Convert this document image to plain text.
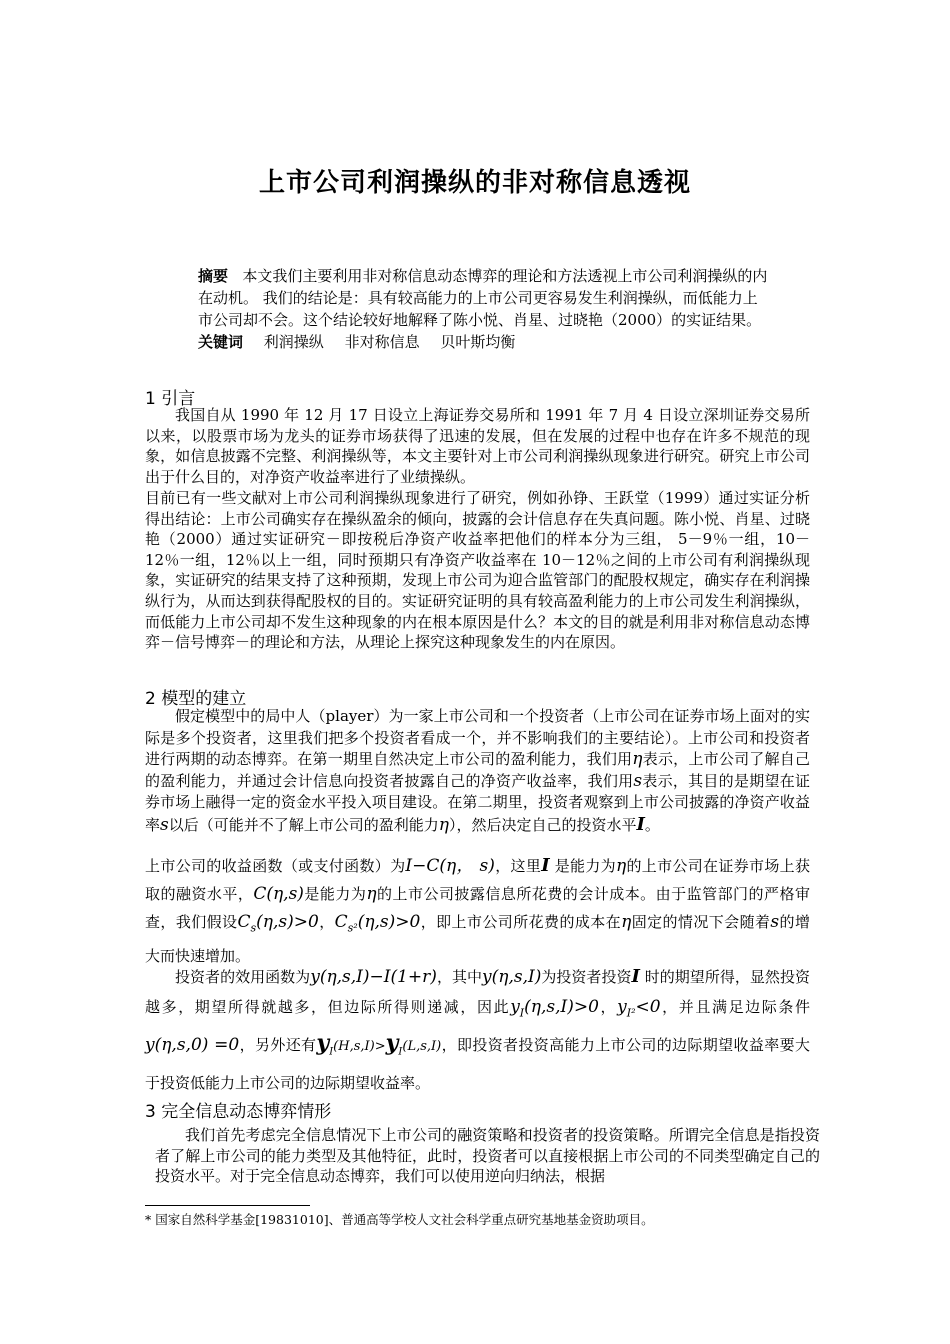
上市公司利润操纵的非对称信息透视
摘要 本文我们主要利用非对称信息动态博弈的理论和方法透视上市公司利润操纵的内在动机。 我们的结论是：具有较高能力的上市公司更容易发生利润操纵，而低能力上市公司却不会。这个结论较好地解释了陈小悦、肖星、过晓艳（2000）的实证结果。
关键词 利润操纵 非对称信息 贝叶斯均衡
1 引言
我国自从 1990 年 12 月 17 日设立上海证券交易所和 1991 年 7 月 4 日设立深圳证券交易所以来，以股票市场为龙头的证券市场获得了迅速的发展，但在发展的过程中也存在许多不规范的现象，如信息披露不完整、利润操纵等，本文主要针对上市公司利润操纵现象进行研究。研究上市公司出于什么目的，对净资产收益率进行了业绩操纵。
目前已有一些文献对上市公司利润操纵现象进行了研究，例如孙铮、王跃堂（1999）通过实证分析得出结论：上市公司确实存在操纵盈余的倾向，披露的会计信息存在失真问题。陈小悦、肖星、过晓艳（2000）通过实证研究－即按税后净资产收益率把他们的样本分为三组， 5－9％一组，10－12％一组，12％以上一组，同时预期只有净资产收益率在 10－12％之间的上市公司有利润操纵现象，实证研究的结果支持了这种预期，发现上市公司为迎合监管部门的配股权规定，确实存在利润操纵行为，从而达到获得配股权的目的。实证研究证明的具有较高盈利能力的上市公司发生利润操纵，而低能力上市公司却不发生这种现象的内在根本原因是什么？本文的目的就是利用非对称信息动态博弈－信号博弈－的理论和方法，从理论上探究这种现象发生的内在原因。
2 模型的建立
假定模型中的局中人（player）为一家上市公司和一个投资者（上市公司在证券市场上面对的实际是多个投资者，这里我们把多个投资者看成一个，并不影响我们的主要结论）。上市公司和投资者进行两期的动态博弈。在第一期里自然决定上市公司的盈利能力，我们用η表示，上市公司了解自己的盈利能力，并通过会计信息向投资者披露自己的净资产收益率，我们用s表示，其目的是期望在证券市场上融得一定的资金水平投入项目建设。在第二期里，投资者观察到上市公司披露的净资产收益率s以后（可能并不了解上市公司的盈利能力η），然后决定自己的投资水平I。
上市公司的收益函数（或支付函数）为I−C(η， s)，这里I 是能力为η的上市公司在证券市场上获取的融资水平，C(η,s)是能力为η的上市公司披露信息所花费的会计成本。由于监管部门的严格审查，我们假设$C_s(\eta,s)>0$，$C_{s^2}(\eta,s)>0$，即上市公司所花费的成本在η固定的情况下会随着s的增大而快速增加。
投资者的效用函数为y(η,s,I)−I(1+r)，其中y(η,s,I)为投资者投资I 时的期望所得，显然投资越多，期望所得就越多，但边际所得则递减，因此$y_I(\eta,s,I)>0$，$y_{I^2}<0$，并且满足边际条件y(η,s,0) =0，另外还有$y_I(H,s,I)>y_I(L,s,I)$，即投资者投资高能力上市公司的边际期望收益率要大于投资低能力上市公司的边际期望收益率。
3 完全信息动态博弈情形
我们首先考虑完全信息情况下上市公司的融资策略和投资者的投资策略。所谓完全信息是指投资者了解上市公司的能力类型及其他特征，此时，投资者可以直接根据上市公司的不同类型确定自己的投资水平。对于完全信息动态博弈，我们可以使用逆向归纳法，根据
* 国家自然科学基金[19831010]、普通高等学校人文社会科学重点研究基地基金资助项目。
